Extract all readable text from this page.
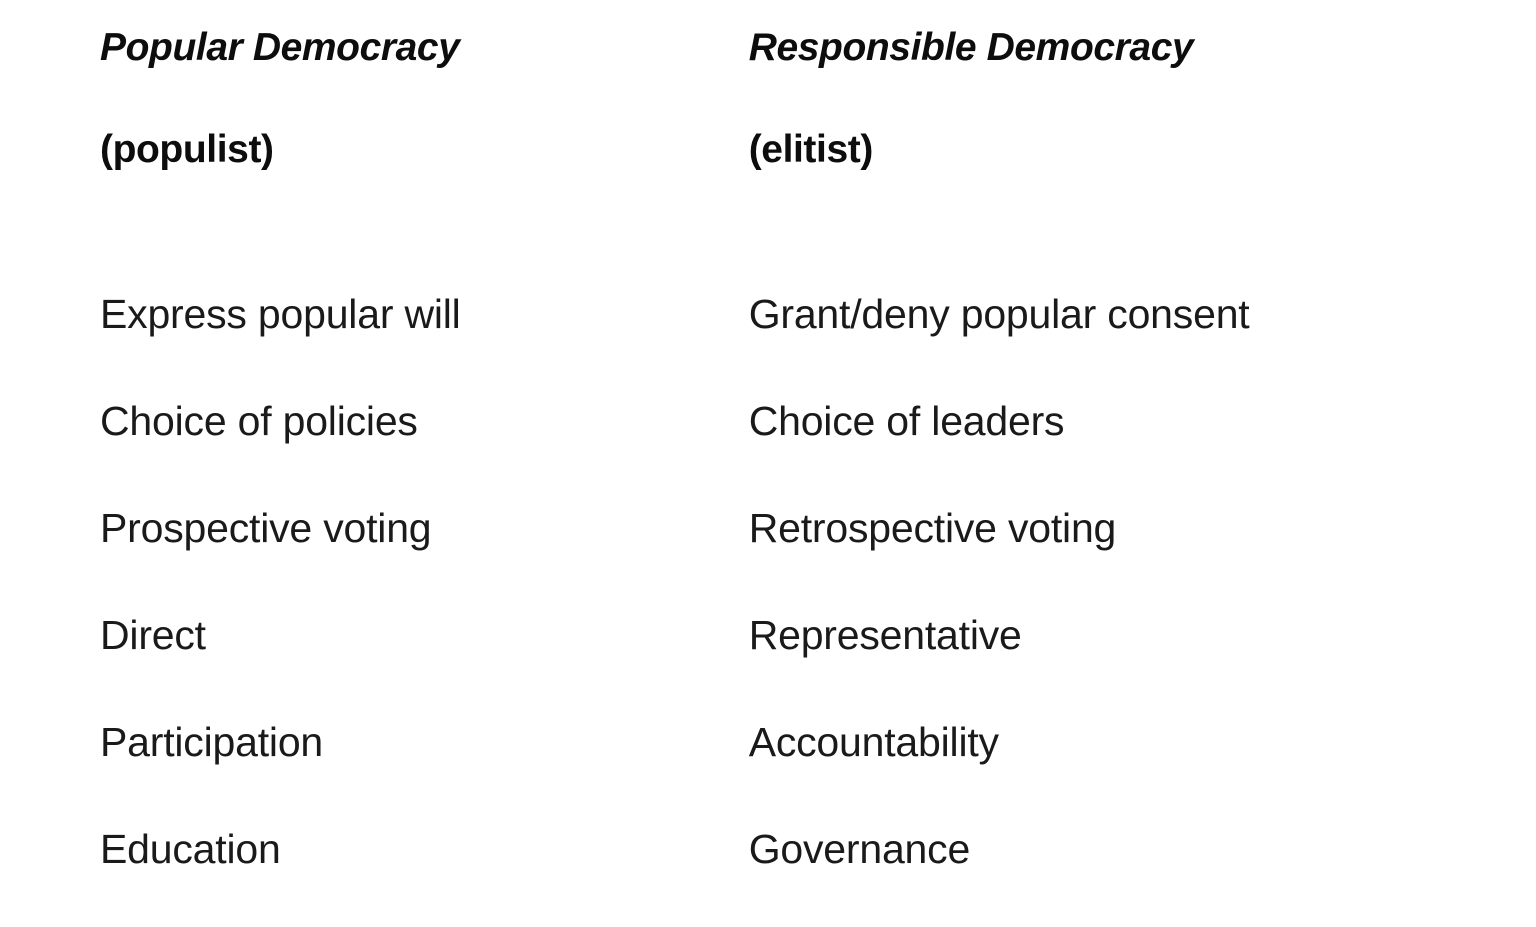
Popular Democracy
(populist)
Express popular will
Choice of policies
Prospective voting
Direct
Participation
Education
Responsible Democracy
(elitist)
Grant/deny popular consent
Choice of leaders
Retrospective voting
Representative
Accountability
Governance
